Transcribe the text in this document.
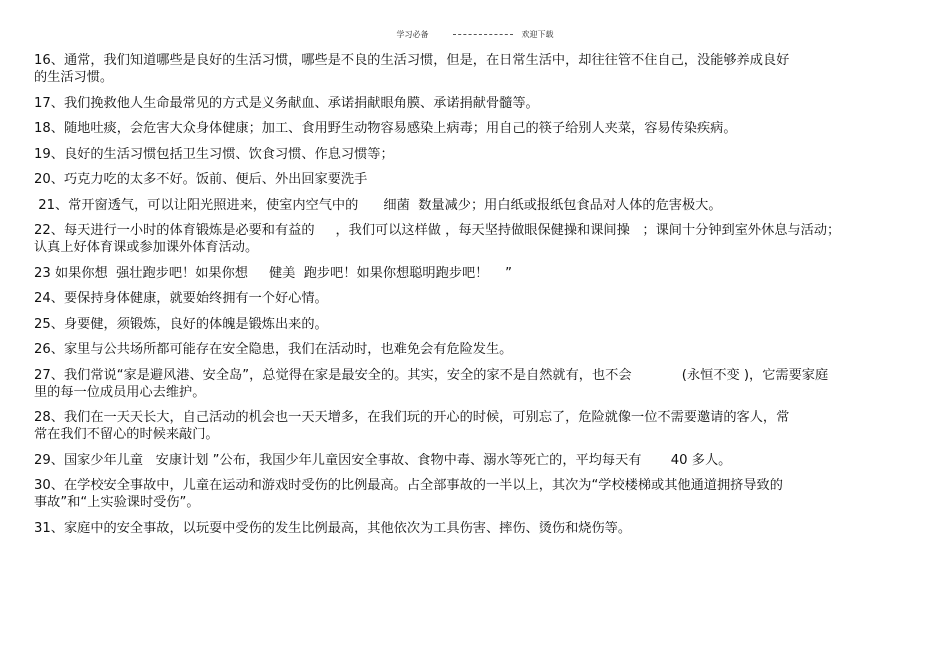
学习必备	欢迎下载
16、通常，我们知道哪些是良好的生活习惯，哪些是不良的生活习惯，但是，在日常生活中，却往往管不住自己，没能够养成良好
的生活习惯。
17、我们挽救他人生命最常见的方式是义务献血、承诺捐献眼角膜、承诺捐献骨髓等。
18、随地吐痰，会危害大众身体健康；加工、食用野生动物容易感染上病毒；用自己的筷子给别人夹菜，容易传染疾病。
19、良好的生活习惯包括卫生习惯、饮食习惯、作息习惯等；
20、巧克力吃的太多不好。饭前、便后、外出回家要洗手
21、常开窗透气，可以让阳光照进来，使室内空气中的      细菌  数量减少；用白纸或报纸包食品对人体的危害极大。
22、每天进行一小时的体育锻炼是必要和有益的     ，我们可以这样做 ，每天坚持做眼保健操和课间操   ；课间十分钟到室外休息与活动；
认真上好体育课或参加课外体育活动。
23 如果你想  强壮跑步吧！如果你想     健美  跑步吧！如果你想聪明跑步吧！    ”
24、要保持身体健康，就要始终拥有一个好心情。
25、身要健，须锻炼，良好的体魄是锻炼出来的。
26、家里与公共场所都可能存在安全隐患，我们在活动时，也难免会有危险发生。
27、我们常说“家是避风港、安全岛”，总觉得在家是最安全的。其实，安全的家不是自然就有，也不会            (永恒不变 )，它需要家庭
里的每一位成员用心去维护。
28、我们在一天天长大，自己活动的机会也一天天增多，在我们玩的开心的时候，可别忘了，危险就像一位不需要邀请的客人，常
常在我们不留心的时候来敲门。
29、国家少年儿童   安康计划 ”公布，我国少年儿童因安全事故、食物中毒、溺水等死亡的，平均每天有       40 多人。
30、在学校安全事故中，儿童在运动和游戏时受伤的比例最高。占全部事故的一半以上，其次为“学校楼梯或其他通道拥挤导致的
事故”和“上实验课时受伤”。
31、家庭中的安全事故，以玩耍中受伤的发生比例最高，其他依次为工具伤害、摔伤、烫伤和烧伤等。
